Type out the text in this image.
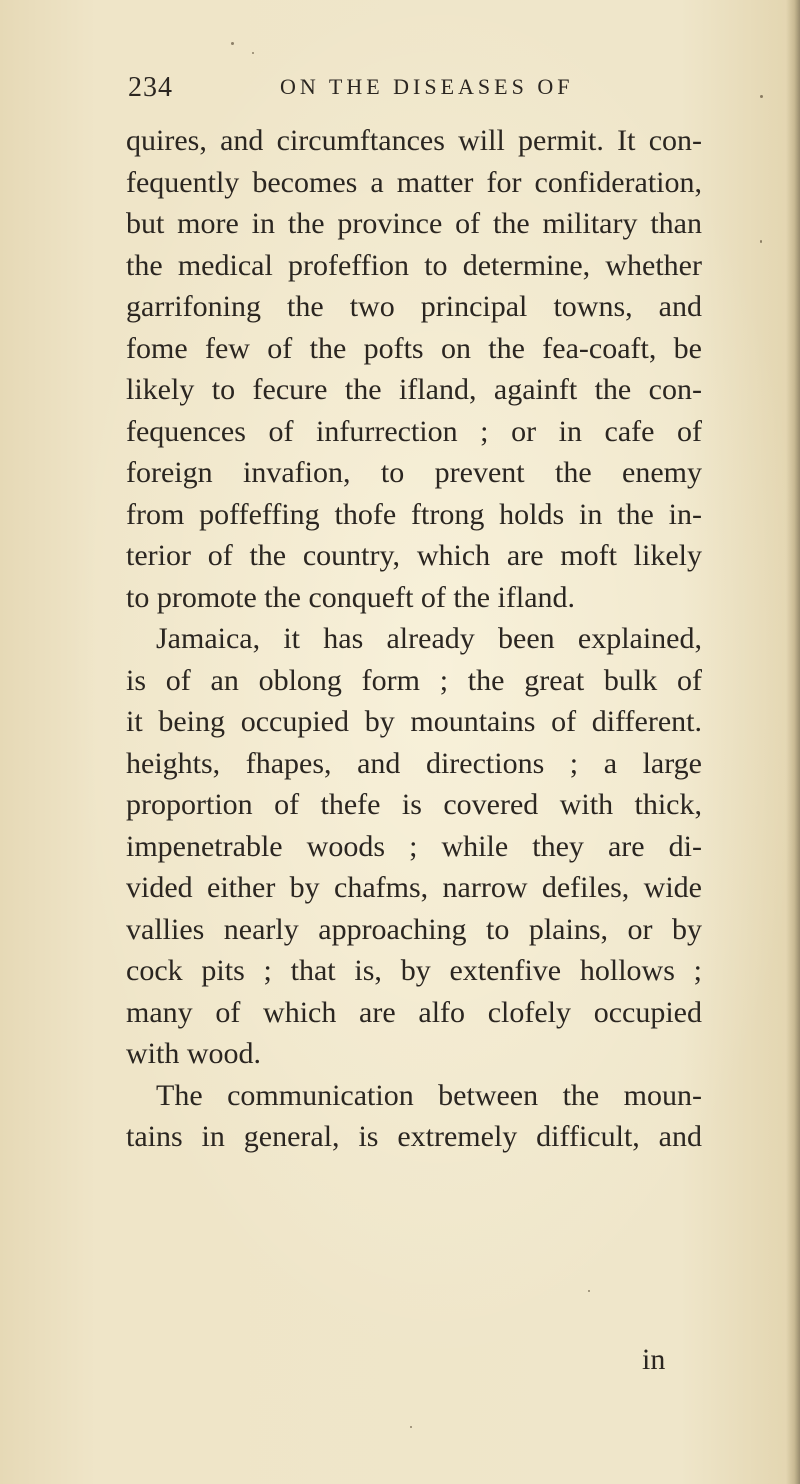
234	ON THE DISEASES OF
quires, and circumftances will permit. It con-
fequently becomes a matter for confideration,
but more in the province of the military than
the medical profeffion to determine, whether
garrifoning the two principal towns, and
fome few of the pofts on the fea-coaft, be
likely to fecure the ifland, againft the con-
fequences of infurrection ; or in cafe of
foreign invafion, to prevent the enemy
from poffeffing thofe ftrong holds in the in-
terior of the country, which are moft likely
to promote the conqueft of the ifland.
Jamaica, it has already been explained,
is of an oblong form ; the great bulk of
it being occupied by mountains of different.
heights, fhapes, and directions ; a large
proportion of thefe is covered with thick,
impenetrable woods ; while they are di-
vided either by chafms, narrow defiles, wide
vallies nearly approaching to plains, or by
cock pits ; that is, by extenfive hollows ;
many of which are alfo clofely occupied
with wood.
The communication between the moun-
tains in general, is extremely difficult, and
in
